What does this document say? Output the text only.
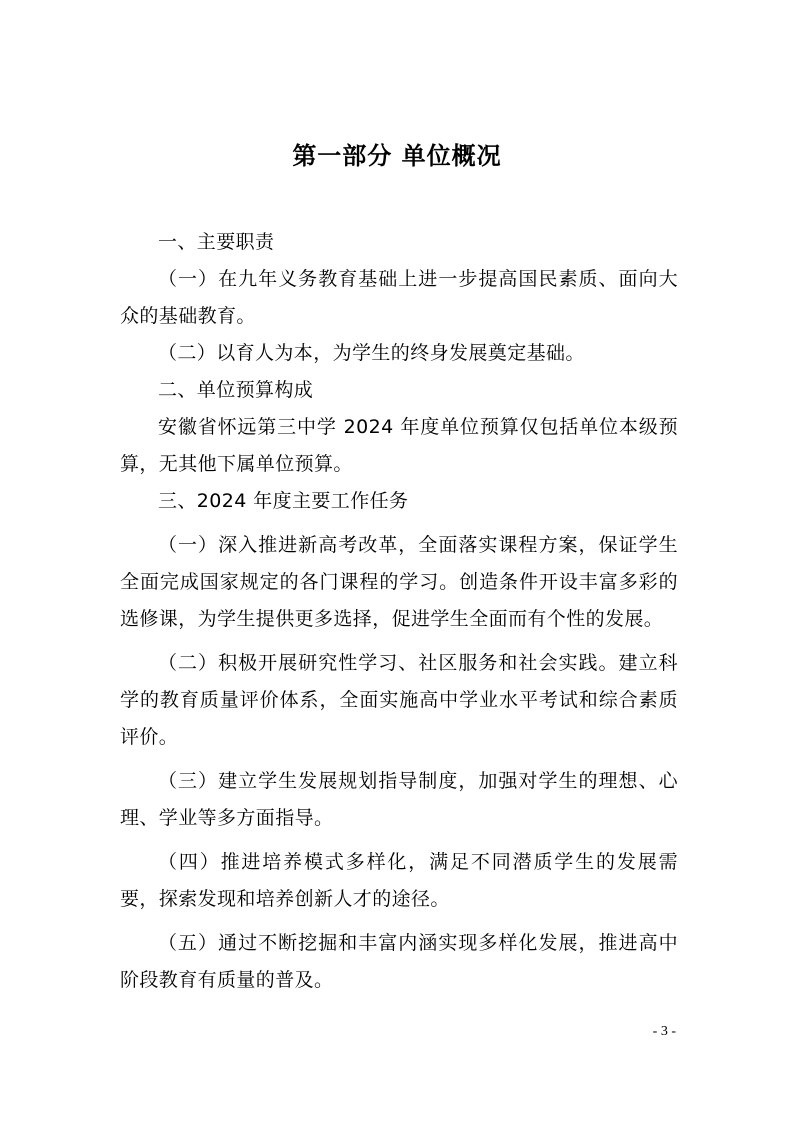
第一部分 单位概况

一、主要职责

（一）在九年义务教育基础上进一步提高国民素质、面向大众的基础教育。

（二）以育人为本，为学生的终身发展奠定基础。

二、单位预算构成

安徽省怀远第三中学 2024 年度单位预算仅包括单位本级预算，无其他下属单位预算。

三、2024 年度主要工作任务

（一）深入推进新高考改革，全面落实课程方案，保证学生全面完成国家规定的各门课程的学习。创造条件开设丰富多彩的选修课，为学生提供更多选择，促进学生全面而有个性的发展。

（二）积极开展研究性学习、社区服务和社会实践。建立科学的教育质量评价体系，全面实施高中学业水平考试和综合素质评价。

（三）建立学生发展规划指导制度，加强对学生的理想、心理、学业等多方面指导。

（四）推进培养模式多样化，满足不同潜质学生的发展需要，探索发现和培养创新人才的途径。

（五）通过不断挖掘和丰富内涵实现多样化发展，推进高中阶段教育有质量的普及。

- 3 -
